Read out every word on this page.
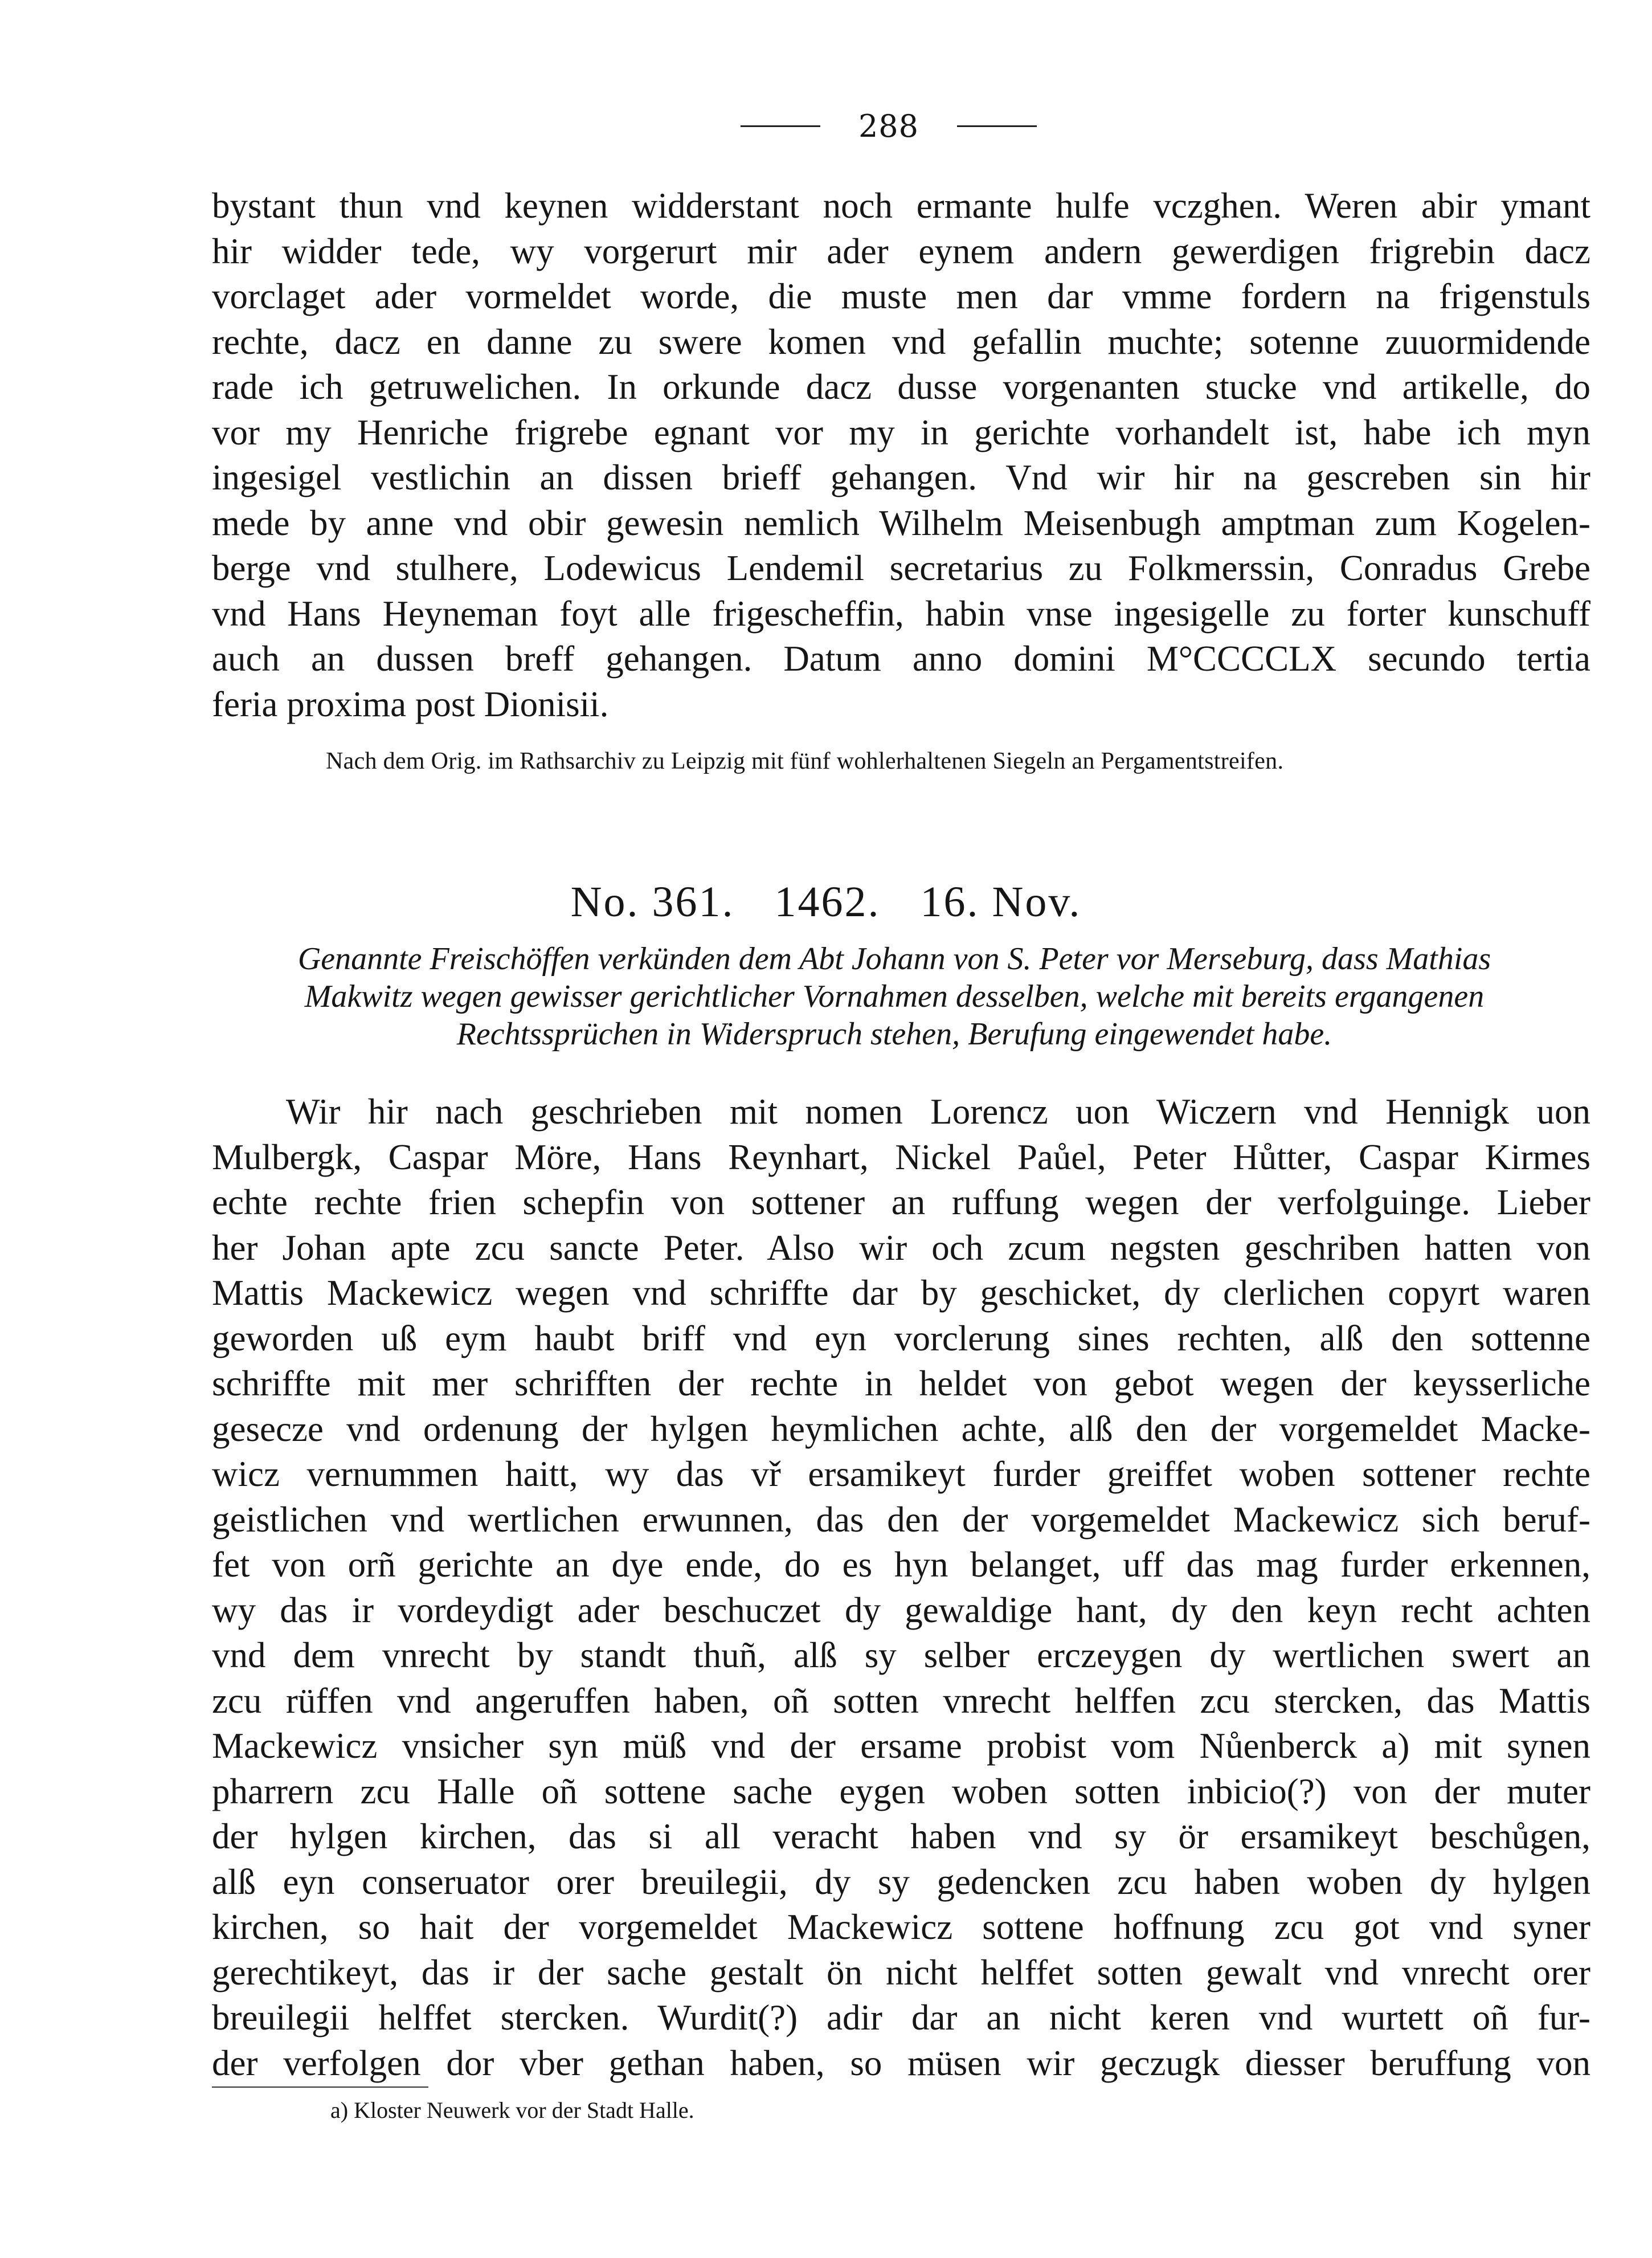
288
bystant thun vnd keynen widderstant noch ermante hulfe vczghen. Weren abir ymant
hir widder tede, wy vorgerurt mir ader eynem andern gewerdigen frigrebin dacz
vorclaget ader vormeldet worde, die muste men dar vmme fordern na frigenstuls
rechte, dacz en danne zu swere komen vnd gefallin muchte; sotenne zuuormidende
rade ich getruwelichen. In orkunde dacz dusse vorgenanten stucke vnd artikelle, do
vor my Henriche frigrebe egnant vor my in gerichte vorhandelt ist, habe ich myn
ingesigel vestlichin an dissen brieff gehangen. Vnd wir hir na gescreben sin hir
mede by anne vnd obir gewesin nemlich Wilhelm Meisenbugh amptman zum Kogelen-
berge vnd stulhere, Lodewicus Lendemil secretarius zu Folkmerssin, Conradus Grebe
vnd Hans Heyneman foyt alle frigescheffin, habin vnse ingesigelle zu forter kunschuff
auch an dussen breff gehangen. Datum anno domini M°CCCCLX secundo tertia
feria proxima post Dionisii.
Nach dem Orig. im Rathsarchiv zu Leipzig mit fünf wohlerhaltenen Siegeln an Pergamentstreifen.
No. 361. 1462. 16. Nov.
Genannte Freischöffen verkünden dem Abt Johann von S. Peter vor Merseburg, dass Mathias
Makwitz wegen gewisser gerichtlicher Vornahmen desselben, welche mit bereits ergangenen
Rechtssprüchen in Widerspruch stehen, Berufung eingewendet habe.
Wir hir nach geschrieben mit nomen Lorencz uon Wiczern vnd Hennigk uon
Mulbergk, Caspar Möre, Hans Reynhart, Nickel Paůel, Peter Hůtter, Caspar Kirmes
echte rechte frien schepfin von sottener an ruffung wegen der verfolguinge. Lieber
her Johan apte zcu sancte Peter. Also wir och zcum negsten geschriben hatten von
Mattis Mackewicz wegen vnd schriffte dar by geschicket, dy clerlichen copyrt waren
geworden uß eym haubt briff vnd eyn vorclerung sines rechten, alß den sottenne
schriffte mit mer schrifften der rechte in heldet von gebot wegen der keysserliche
gesecze vnd ordenung der hylgen heymlichen achte, alß den der vorgemeldet Macke-
wicz vernummen haitt, wy das vř ersamikeyt furder greiffet woben sottener rechte
geistlichen vnd wertlichen erwunnen, das den der vorgemeldet Mackewicz sich beruf-
fet von orñ gerichte an dye ende, do es hyn belanget, uff das mag furder erkennen,
wy das ir vordeydigt ader beschuczet dy gewaldige hant, dy den keyn recht achten
vnd dem vnrecht by standt thuñ, alß sy selber erczeygen dy wertlichen swert an
zcu rüffen vnd angeruffen haben, oñ sotten vnrecht helffen zcu stercken, das Mattis
Mackewicz vnsicher syn müß vnd der ersame probist vom Nůenberck a) mit synen
pharrern zcu Halle oñ sottene sache eygen woben sotten inbicio(?) von der muter
der hylgen kirchen, das si all veracht haben vnd sy ör ersamikeyt beschůgen,
alß eyn conseruator orer breuilegii, dy sy gedencken zcu haben woben dy hylgen
kirchen, so hait der vorgemeldet Mackewicz sottene hoffnung zcu got vnd syner
gerechtikeyt, das ir der sache gestalt ön nicht helffet sotten gewalt vnd vnrecht orer
breuilegii helffet stercken. Wurdit(?) adir dar an nicht keren vnd wurtett oñ fur-
der verfolgen dor vber gethan haben, so müsen wir geczugk diesser beruffung von
a) Kloster Neuwerk vor der Stadt Halle.
